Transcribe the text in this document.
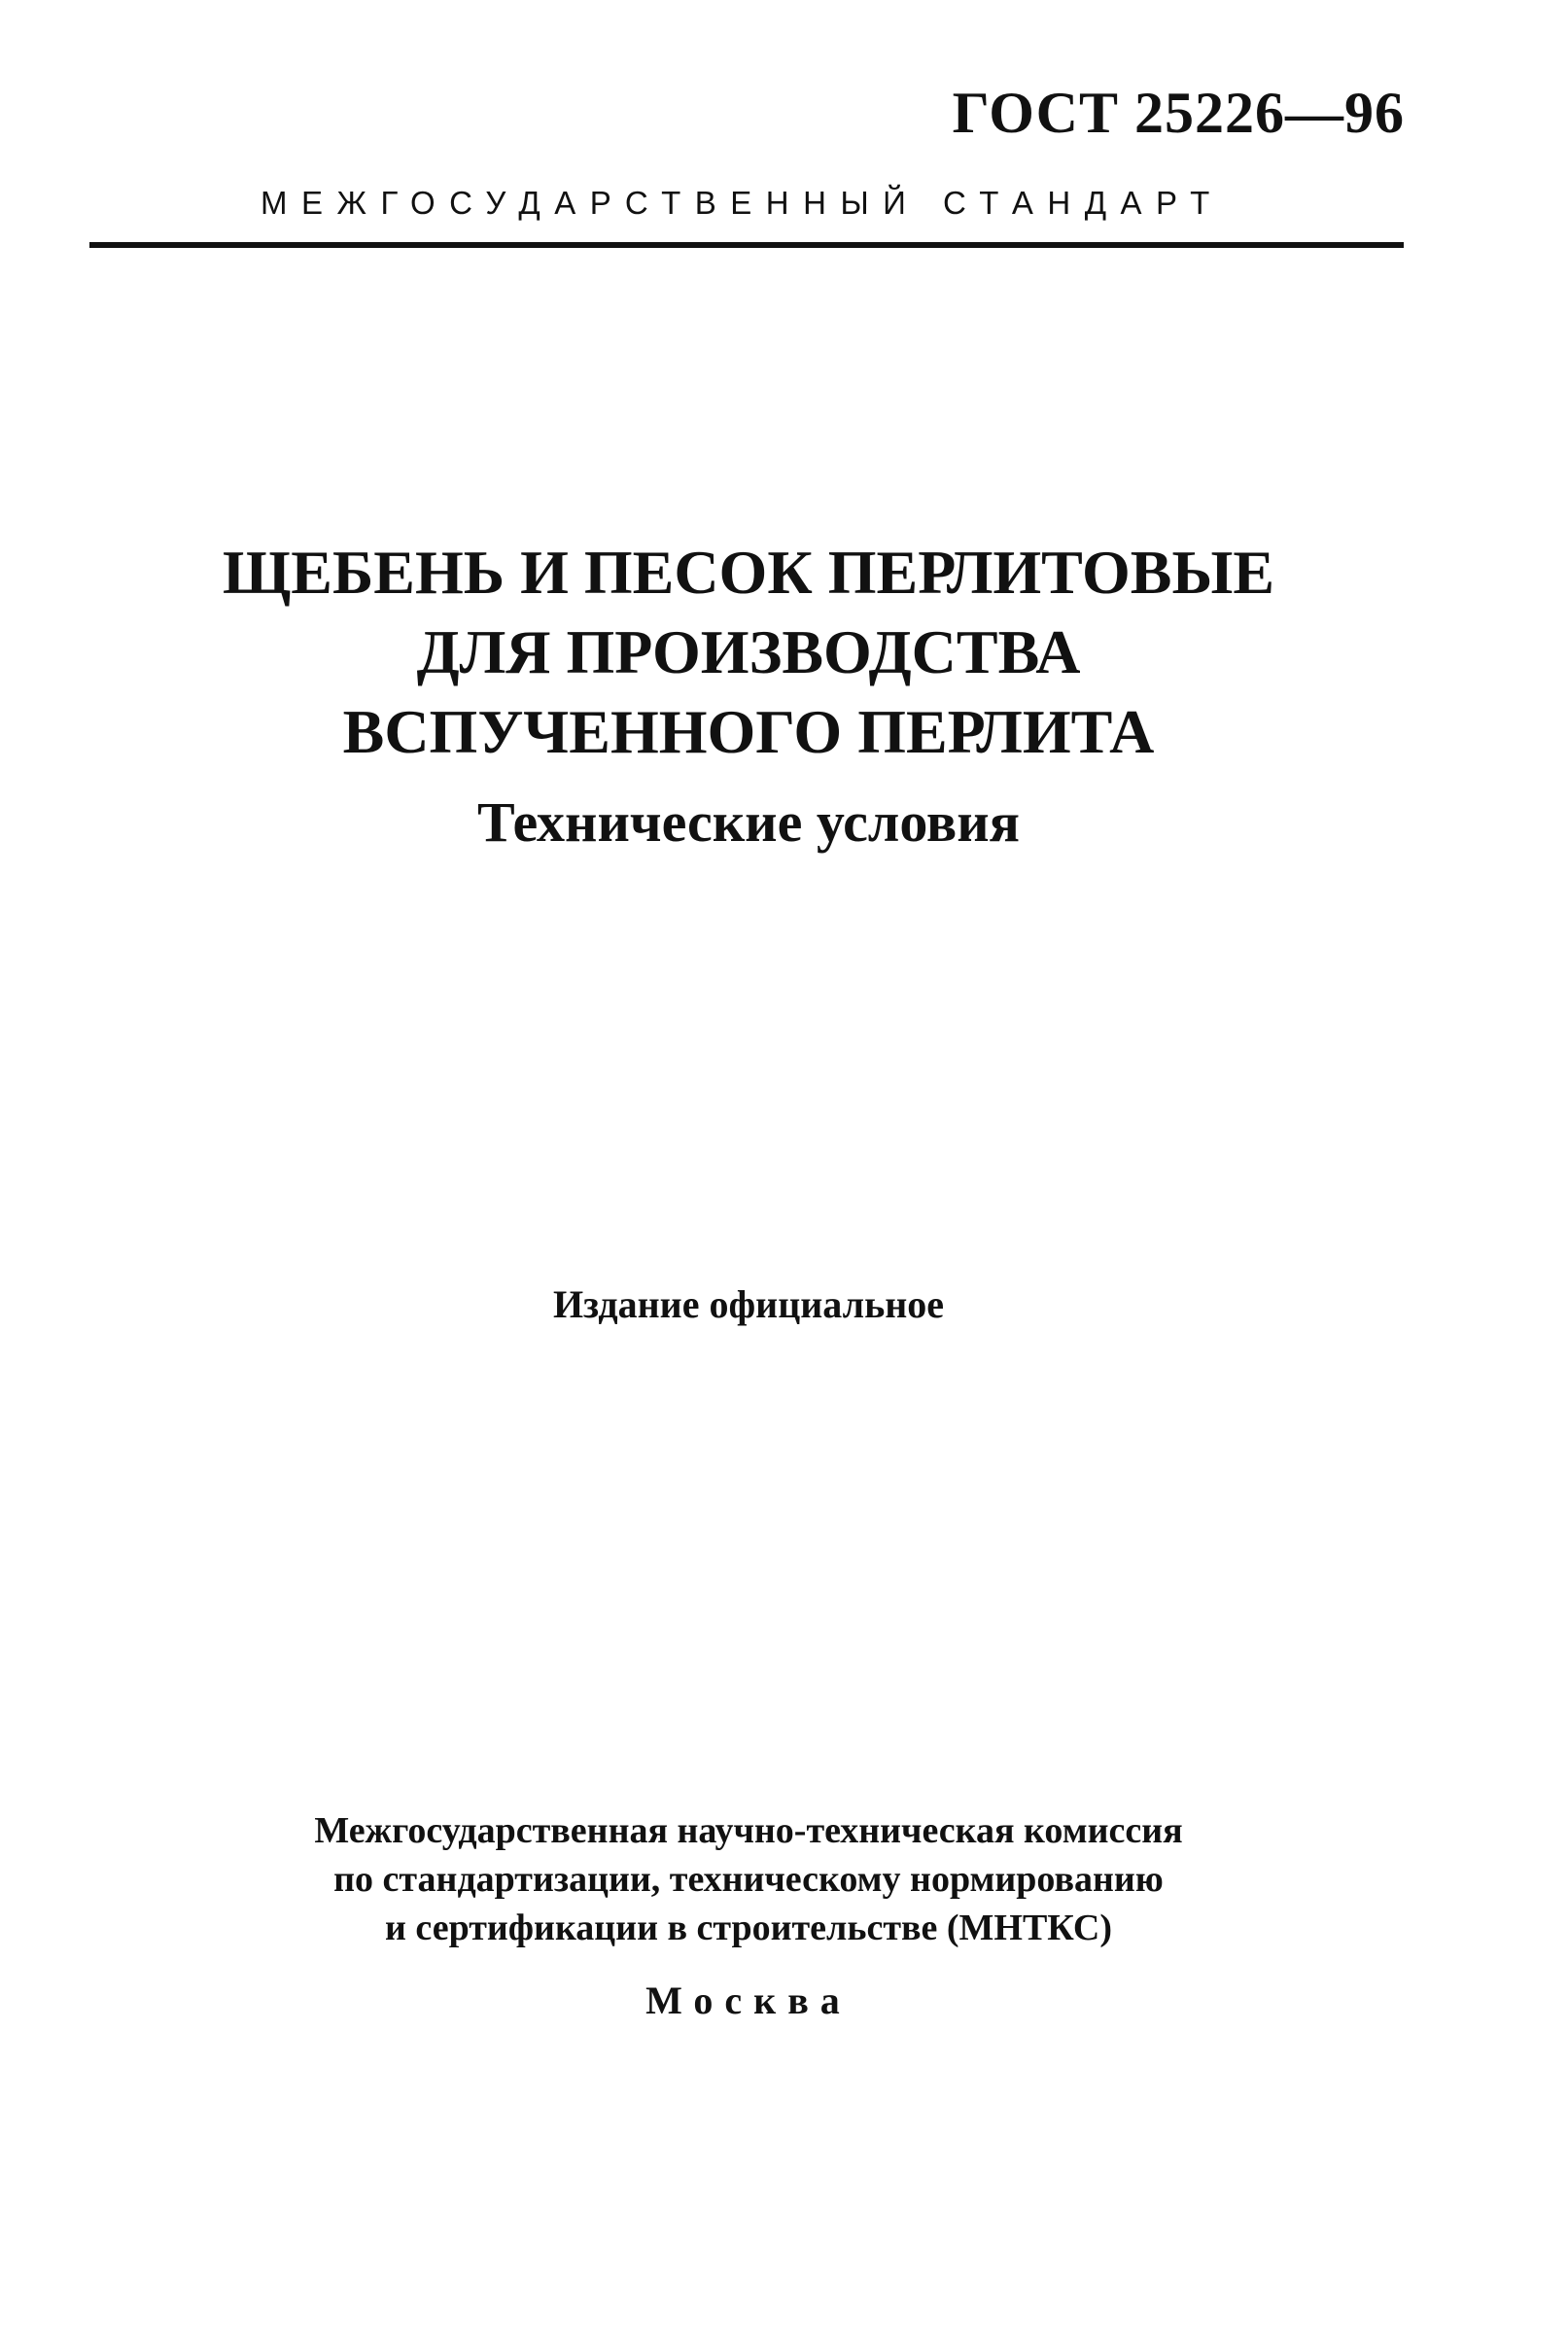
ГОСТ 25226—96
МЕЖГОСУДАРСТВЕННЫЙ СТАНДАРТ
ЩЕБЕНЬ И ПЕСОК ПЕРЛИТОВЫЕ
ДЛЯ ПРОИЗВОДСТВА
ВСПУЧЕННОГО ПЕРЛИТА
Технические условия
Издание официальное
Межгосударственная научно-техническая комиссия
по стандартизации, техническому нормированию
и сертификации в строительстве (МНТКС)
Москва
